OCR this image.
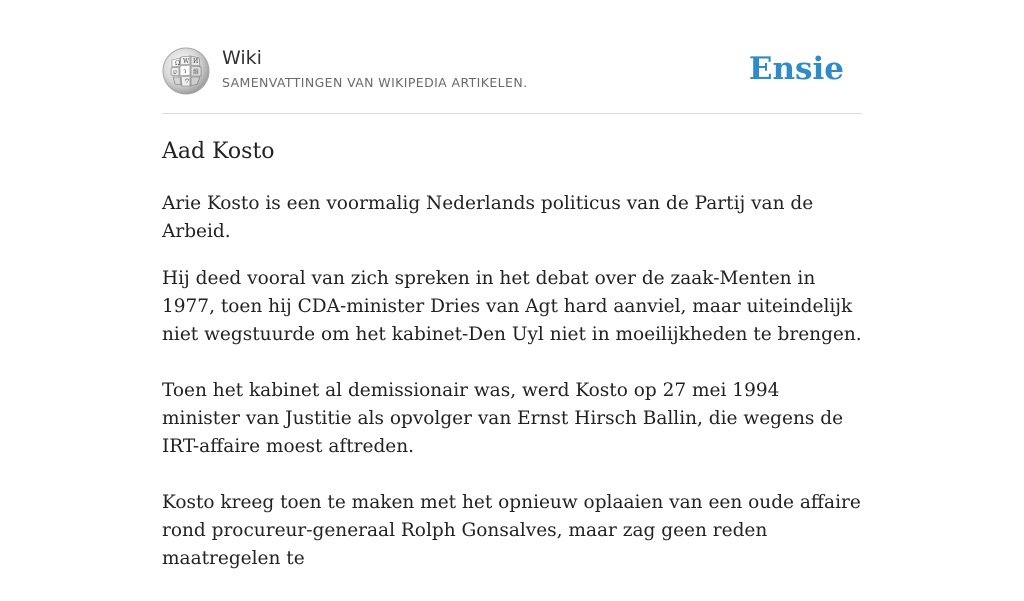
Ω W И
ש ว 維
ウ
Wiki
SAMENVATTINGEN VAN WIKIPEDIA ARTIKELEN.	Ensie
Aad Kosto

Arie Kosto is een voormalig Nederlands politicus van de Partij van de Arbeid.

Hij deed vooral van zich spreken in het debat over de zaak-Menten in 1977, toen hij CDA-minister Dries van Agt hard aanviel, maar uiteindelijk niet wegstuurde om het kabinet-Den Uyl niet in moeilijkheden te brengen.

Toen het kabinet al demissionair was, werd Kosto op 27 mei 1994 minister van Justitie als opvolger van Ernst Hirsch Ballin, die wegens de IRT-affaire moest aftreden.

Kosto kreeg toen te maken met het opnieuw oplaaien van een oude affaire rond procureur-generaal Rolph Gonsalves, maar zag geen reden maatregelen te
